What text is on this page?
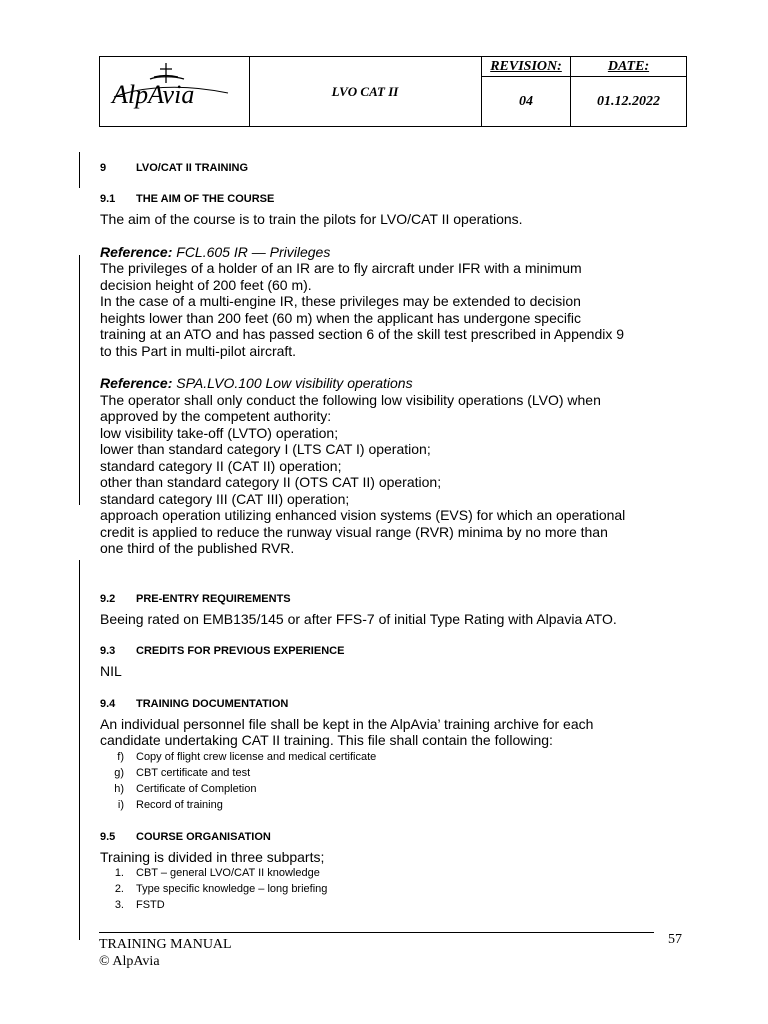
AlpAvia	LVO CAT II
REVISION:	DATE:
04	01.12.2022
9	LVO/CAT II TRAINING
9.1	THE AIM OF THE COURSE

The aim of the course is to train the pilots for LVO/CAT II operations.

Reference: FCL.605 IR — Privileges

The privileges of a holder of an IR are to fly aircraft under IFR with a minimum

decision height of 200 feet (60 m).

In the case of a multi-engine IR, these privileges may be extended to decision

heights lower than 200 feet (60 m) when the applicant has undergone specific

training at an ATO and has passed section 6 of the skill test prescribed in Appendix 9

to this Part in multi-pilot aircraft.

Reference: SPA.LVO.100 Low visibility operations

The operator shall only conduct the following low visibility operations (LVO) when

approved by the competent authority:

low visibility take-off (LVTO) operation;

lower than standard category I (LTS CAT I) operation;

standard category II (CAT II) operation;

other than standard category II (OTS CAT II) operation;

standard category III (CAT III) operation;

approach operation utilizing enhanced vision systems (EVS) for which an operational

credit is applied to reduce the runway visual range (RVR) minima by no more than

one third of the published RVR.

9.2	PRE-ENTRY REQUIREMENTS

Beeing rated on EMB135/145 or after FFS-7 of initial Type Rating with Alpavia ATO.

9.3	CREDITS FOR PREVIOUS EXPERIENCE

NIL

9.4	TRAINING DOCUMENTATION

An individual personnel file shall be kept in the AlpAvia’ training archive for each

candidate undertaking CAT II training. This file shall contain the following:

f)	Copy of flight crew license and medical certificate
g)	CBT certificate and test
h)	Certificate of Completion
i)	Record of training
9.5	COURSE ORGANISATION

Training is divided in three subparts;

1.	CBT – general LVO/CAT II knowledge
2.	Type specific knowledge – long briefing
3.	FSTD
TRAINING MANUAL
© AlpAvia
57
